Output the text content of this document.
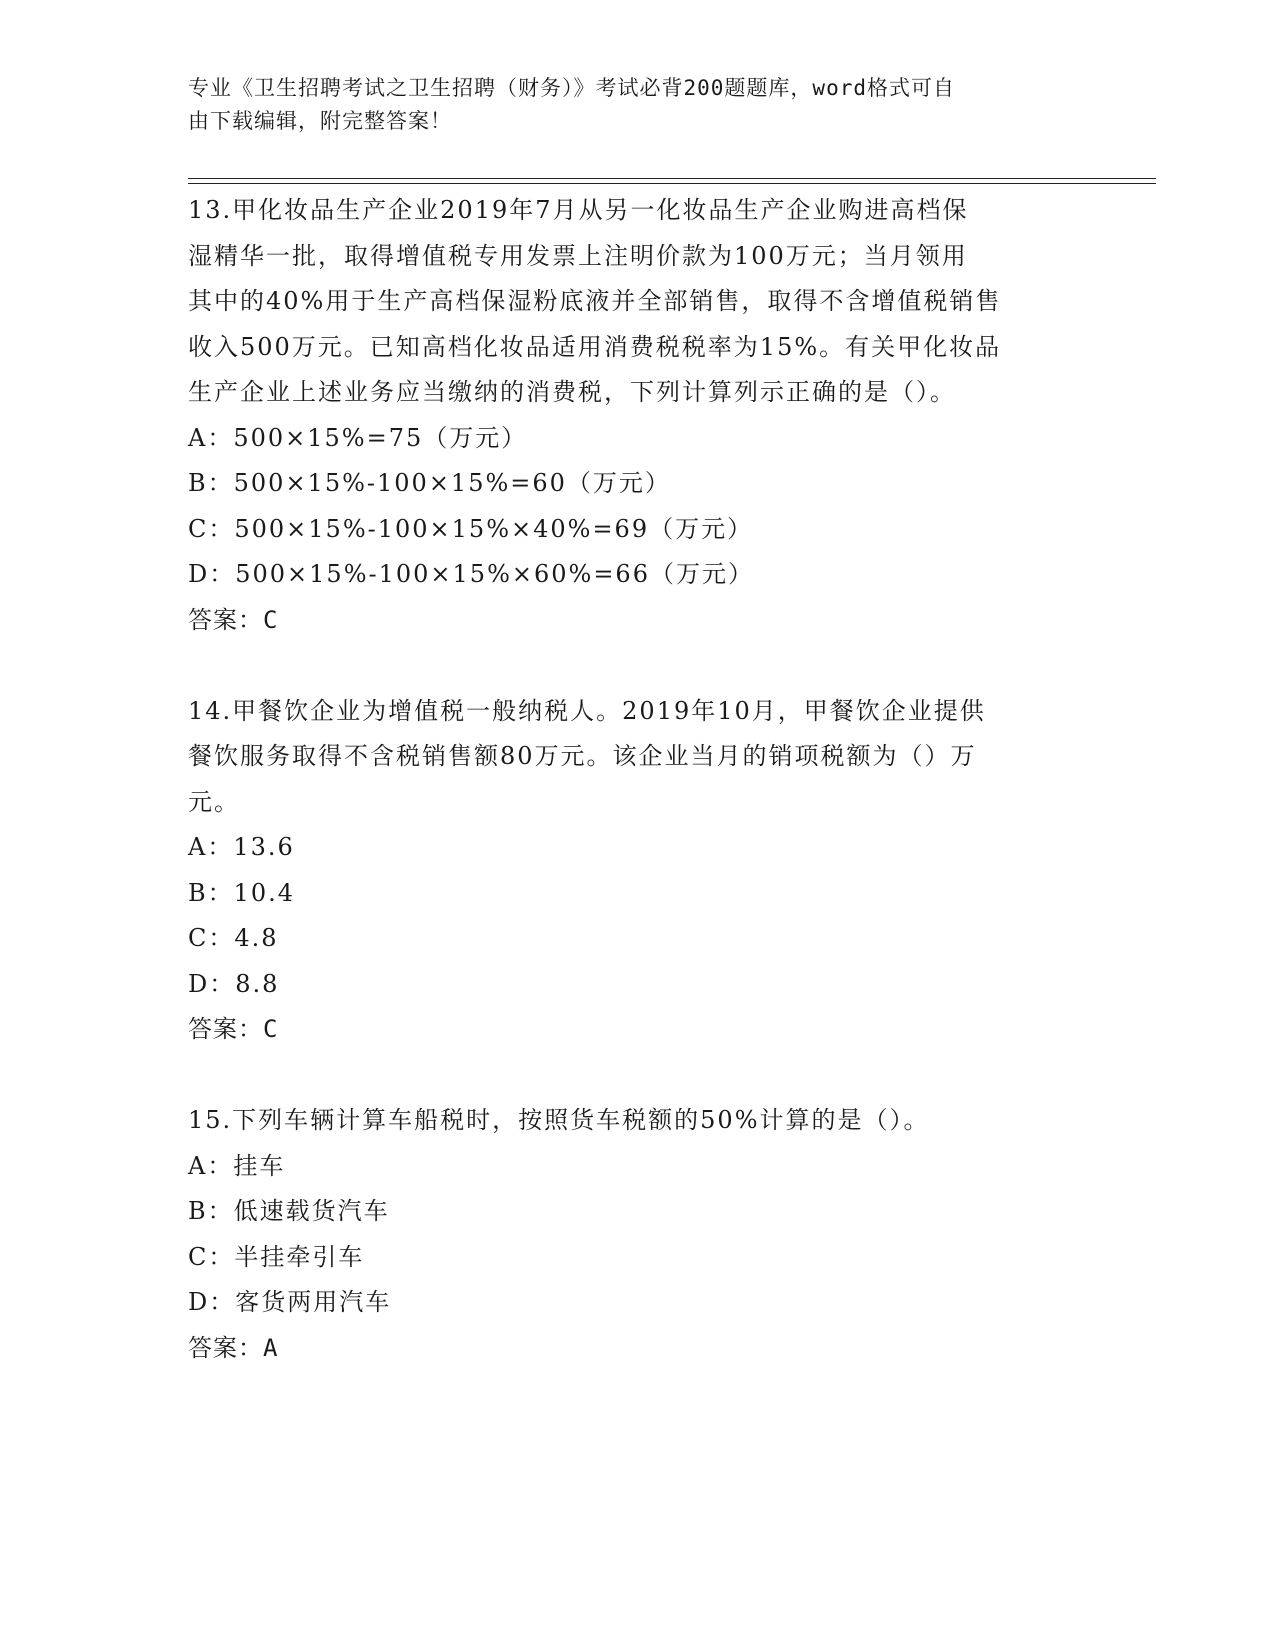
专业《卫生招聘考试之卫生招聘（财务）》考试必背200题题库，word格式可自
由下载编辑，附完整答案！
13.甲化妆品生产企业2019年7月从另一化妆品生产企业购进高档保
湿精华一批，取得增值税专用发票上注明价款为100万元；当月领用
其中的40%用于生产高档保湿粉底液并全部销售，取得不含增值税销售
收入500万元。已知高档化妆品适用消费税税率为15%。有关甲化妆品
生产企业上述业务应当缴纳的消费税，下列计算列示正确的是（）。
A：500×15%=75（万元）
B：500×15%-100×15%=60（万元）
C：500×15%-100×15%×40%=69（万元）
D：500×15%-100×15%×60%=66（万元）
答案：C
14.甲餐饮企业为增值税一般纳税人。2019年10月，甲餐饮企业提供
餐饮服务取得不含税销售额80万元。该企业当月的销项税额为（）万
元。
A：13.6
B：10.4
C：4.8
D：8.8
答案：C
15.下列车辆计算车船税时，按照货车税额的50%计算的是（）。
A：挂车
B：低速载货汽车
C：半挂牵引车
D：客货两用汽车
答案：A
